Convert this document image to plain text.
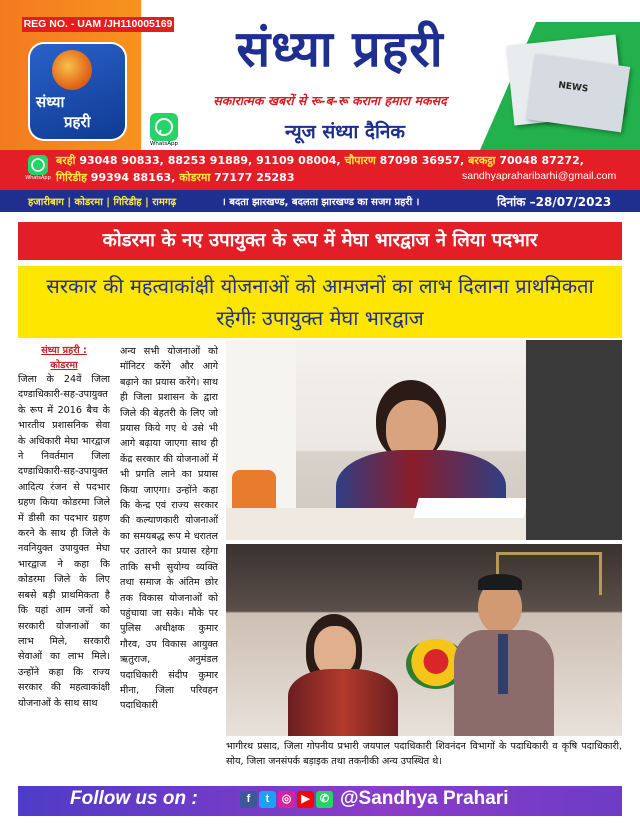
REG NO. - UAM /JH110005169
संध्या
प्रहरी
संध्या प्रहरी
सकारात्मक खबरों से रू-ब-रू कराना हमारा मकसद
WhatsApp
न्यूज संध्या दैनिक
NEWS
WhatsApp
बरही 93048 90833, 88253 91889, 91109 08004, चौपारण 87098 36957, बरकट्ठा 70048 87272,
गिरिडीह 99394 88163, कोडरमा 77177 25283	sandhyapraharibarhi@gmail.com
हजारीबाग | कोडरमा | गिरिडीह | रामगढ़	। बदता झारखण्ड, बदलता झारखण्ड का सजग प्रहरी ।	दिनांक –28/07/2023
कोडरमा के नए उपायुक्त के रूप में मेघा भारद्वाज ने लिया पदभार
सरकार की महत्वाकांक्षी योजनाओं को आमजनों का लाभ दिलाना प्राथमिकता रहेगीः उपायुक्त मेघा भारद्वाज
संध्या प्रहरी :
कोडरमा
जिला के 24वें जिला दण्डाधिकारी-सह-उपायुक्त के रूप में 2016 बैच के भारतीय प्रशासनिक सेवा के अधिकारी मेघा भारद्वाज ने निवर्तमान जिला दण्डाधिकारी-सह-उपायुक्त आदित्य रंजन से पदभार ग्रहण किया कोडरमा जिले में डीसी का पदभार ग्रहण करने के साथ ही जिले के नवनियुक्त उपायुक्त मेघा भारद्वाज ने कहा कि कोडरमा जिले के लिए सबसे बड़ी प्राथमिकता है कि यहां आम जनों को सरकारी योजनाओं का लाभ मिले, सरकारी सेवाओं का लाभ मिले। उन्होंने कहा कि राज्य सरकार की महत्वाकांक्षी योजनाओं के साथ साथ
अन्य सभी योजनाओं को मॉनिटर करेंगे और आगे बढ़ाने का प्रयास करेंगे। साथ ही जिला प्रशासन के द्वारा जिले की बेहतरी के लिए जो प्रयास किये गए थे उसे भी आगे बढ़ाया जाएगा साथ ही केंद्र सरकार की योजनाओं में भी प्रगति लाने का प्रयास किया जाएगा। उन्होंने कहा कि केन्द्र एवं राज्य सरकार की कल्याणकारी योजनाओं का समयबद्ध रूप मे धरातल पर उतारने का प्रयास रहेगा ताकि सभी सुयोग्य व्यक्ति तथा समाज के अंतिम छोर तक विकास योजनाओं को पहुंचाया जा सके। मौके पर पुलिस अधीक्षक कुमार गौरव, उप विकास आयुक्त ऋतुराज, अनुमंडल पदाधिकारी संदीप कुमार मीना, जिला परिवहन पदाधिकारी
भागीरथ प्रसाद, जिला गोपनीय प्रभारी जयपाल पदाधिकारी शिवनंदन विभागों के पदाधिकारी व कृषि पदाधिकारी, सोय, जिला जनसंपर्क बड़ाइक तथा तकनीकी अन्य उपस्थित थे।
Follow us on :	f	t	◎ ▶ ✆ @Sandhya Prahari
